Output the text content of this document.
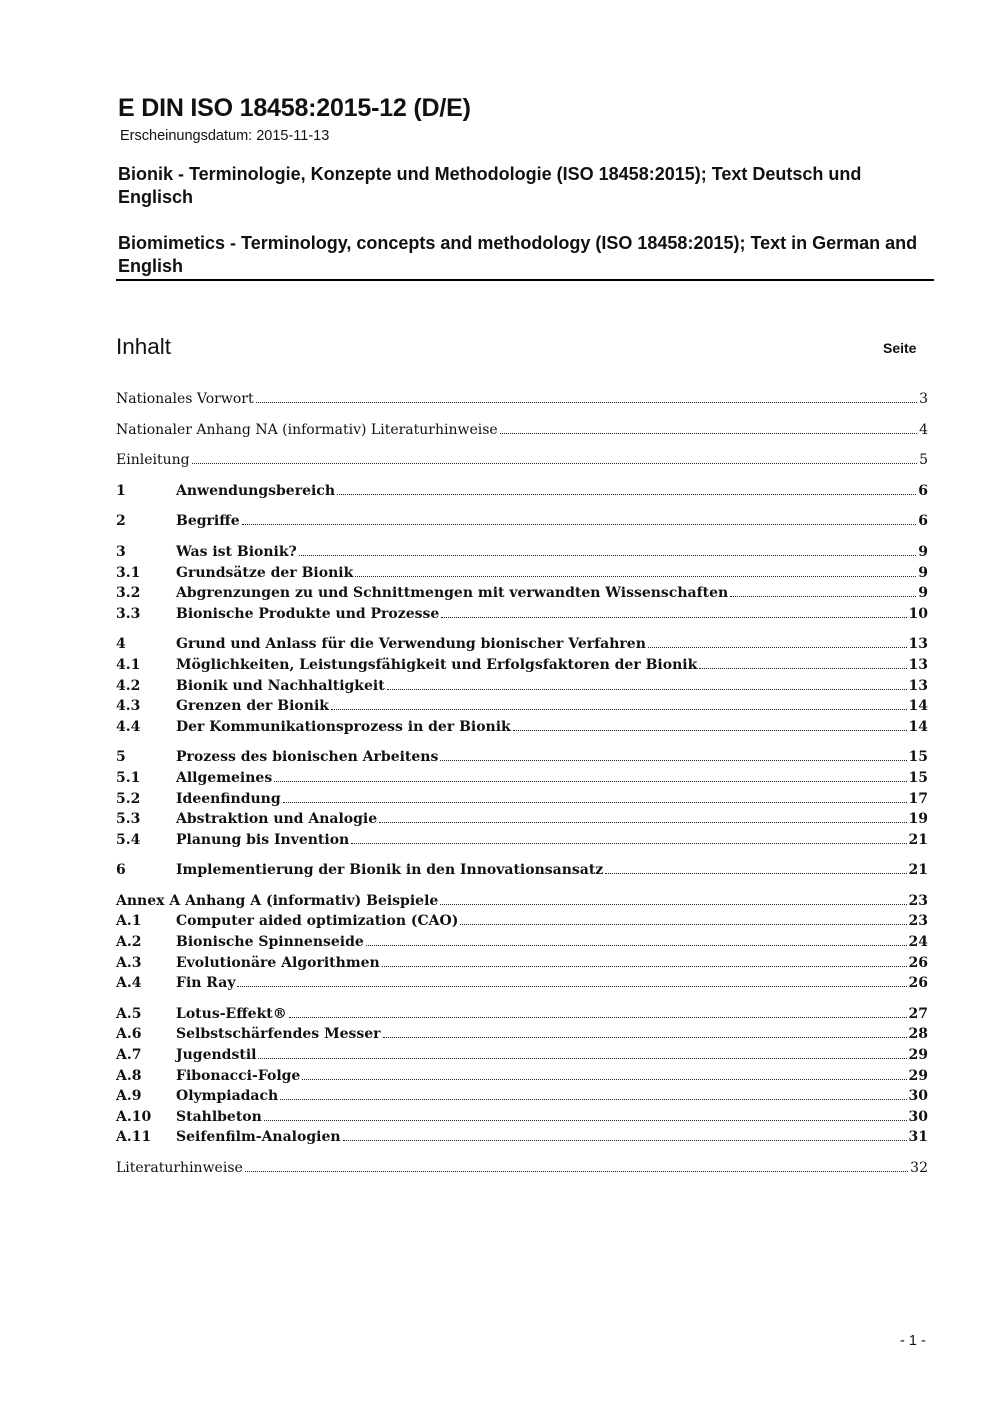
E DIN ISO 18458:2015-12 (D/E)
Erscheinungsdatum: 2015-11-13
Bionik - Terminologie, Konzepte und Methodologie (ISO 18458:2015); Text Deutsch und Englisch
Biomimetics - Terminology, concepts and methodology (ISO 18458:2015); Text in German and English
Inhalt	Seite
Nationales Vorwort	3
Nationaler Anhang NA (informativ) Literaturhinweise	4
Einleitung	5
1	Anwendungsbereich	6
2	Begriffe	6
3	Was ist Bionik?	9
3.1	Grundsätze der Bionik	9
3.2	Abgrenzungen zu und Schnittmengen mit verwandten Wissenschaften	9
3.3	Bionische Produkte und Prozesse	10
4	Grund und Anlass für die Verwendung bionischer Verfahren	13
4.1	Möglichkeiten, Leistungsfähigkeit und Erfolgsfaktoren der Bionik	13
4.2	Bionik und Nachhaltigkeit	13
4.3	Grenzen der Bionik	14
4.4	Der Kommunikationsprozess in der Bionik	14
5	Prozess des bionischen Arbeitens	15
5.1	Allgemeines	15
5.2	Ideenfindung	17
5.3	Abstraktion und Analogie	19
5.4	Planung bis Invention	21
6	Implementierung der Bionik in den Innovationsansatz	21
Annex A Anhang A (informativ) Beispiele	23
A.1	Computer aided optimization (CAO)	23
A.2	Bionische Spinnenseide	24
A.3	Evolutionäre Algorithmen	26
A.4	Fin Ray	26
A.5	Lotus-Effekt®	27
A.6	Selbstschärfendes Messer	28
A.7	Jugendstil	29
A.8	Fibonacci-Folge	29
A.9	Olympiadach	30
A.10	Stahlbeton	30
A.11	Seifenfilm-Analogien	31
Literaturhinweise	32
- 1 -
